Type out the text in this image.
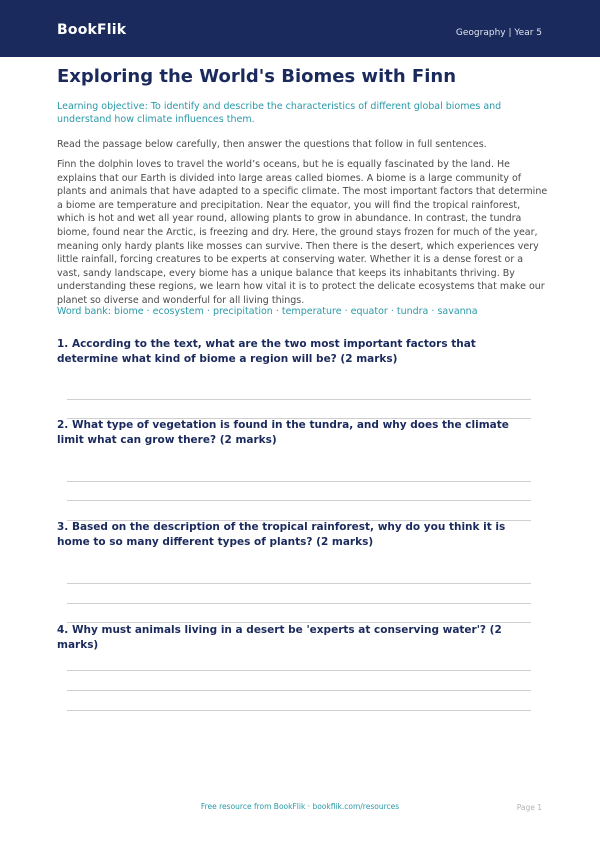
BookFlik	Geography | Year 5
Exploring the World's Biomes with Finn

Learning objective: To identify and describe the characteristics of different global biomes and understand how climate influences them.

Read the passage below carefully, then answer the questions that follow in full sentences.

Finn the dolphin loves to travel the world’s oceans, but he is equally fascinated by the land. He explains that our Earth is divided into large areas called biomes. A biome is a large community of plants and animals that have adapted to a specific climate. The most important factors that determine a biome are temperature and precipitation. Near the equator, you will find the tropical rainforest, which is hot and wet all year round, allowing plants to grow in abundance. In contrast, the tundra biome, found near the Arctic, is freezing and dry. Here, the ground stays frozen for much of the year, meaning only hardy plants like mosses can survive. Then there is the desert, which experiences very little rainfall, forcing creatures to be experts at conserving water. Whether it is a dense forest or a vast, sandy landscape, every biome has a unique balance that keeps its inhabitants thriving. By understanding these regions, we learn how vital it is to protect the delicate ecosystems that make our planet so diverse and wonderful for all living things.

Word bank: biome · ecosystem · precipitation · temperature · equator · tundra · savanna

1. According to the text, what are the two most important factors that determine what kind of biome a region will be? (2 marks)

2. What type of vegetation is found in the tundra, and why does the climate limit what can grow there? (2 marks)

3. Based on the description of the tropical rainforest, why do you think it is home to so many different types of plants? (2 marks)

4. Why must animals living in a desert be 'experts at conserving water'? (2 marks)

Free resource from BookFlik · bookflik.com/resources	Page 1
